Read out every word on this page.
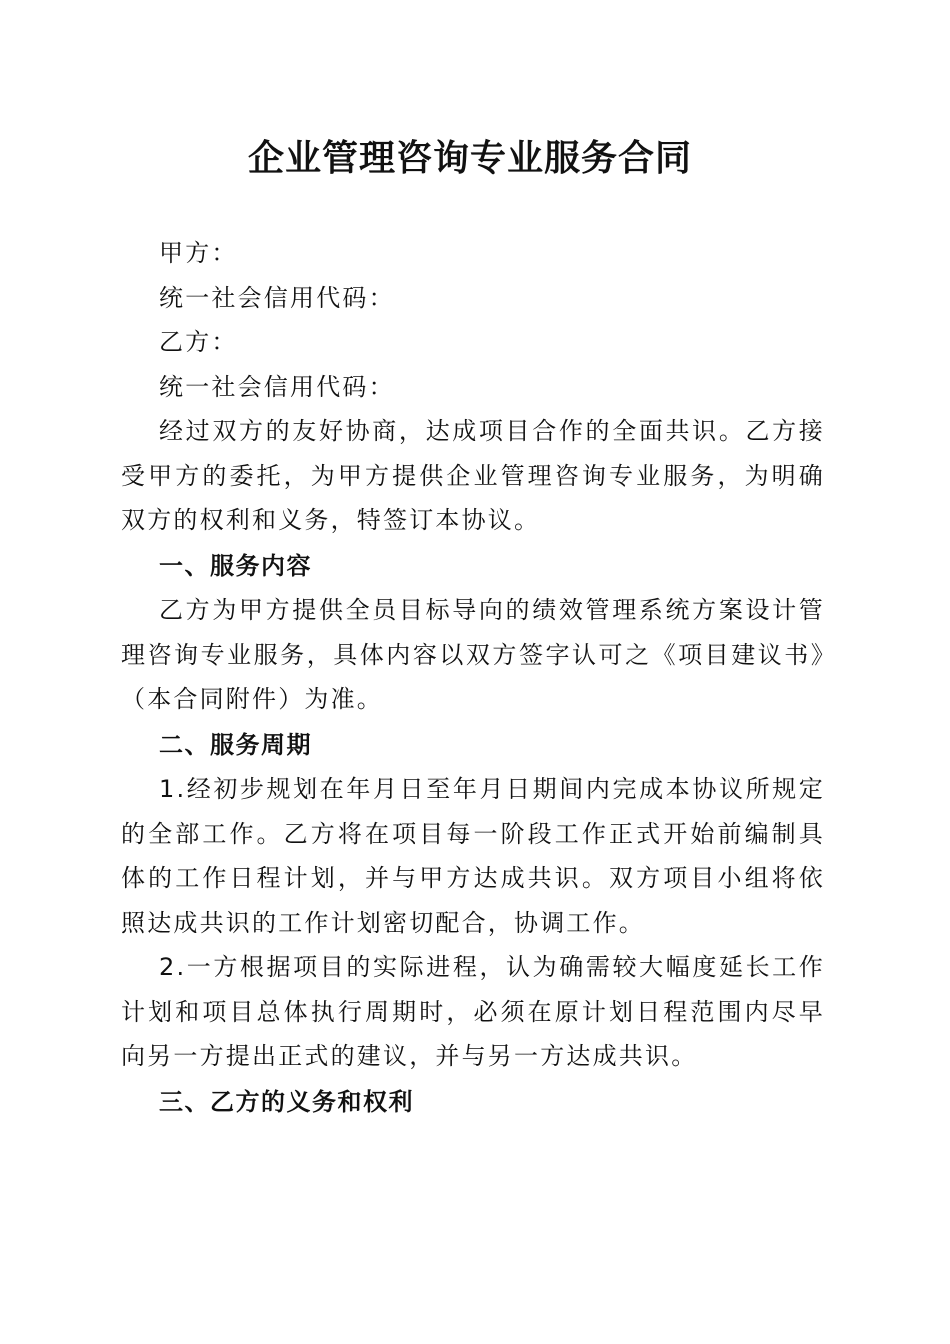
企业管理咨询专业服务合同

甲方：

统一社会信用代码：

乙方：

统一社会信用代码：

经过双方的友好协商，达成项目合作的全面共识。乙方接受甲方的委托，为甲方提供企业管理咨询专业服务，为明确双方的权利和义务，特签订本协议。

一、服务内容

乙方为甲方提供全员目标导向的绩效管理系统方案设计管理咨询专业服务，具体内容以双方签字认可之《项目建议书》（本合同附件）为准。

二、服务周期

1.经初步规划在年月日至年月日期间内完成本协议所规定的全部工作。乙方将在项目每一阶段工作正式开始前编制具体的工作日程计划，并与甲方达成共识。双方项目小组将依照达成共识的工作计划密切配合，协调工作。

2.一方根据项目的实际进程，认为确需较大幅度延长工作计划和项目总体执行周期时，必须在原计划日程范围内尽早向另一方提出正式的建议，并与另一方达成共识。

三、乙方的义务和权利
